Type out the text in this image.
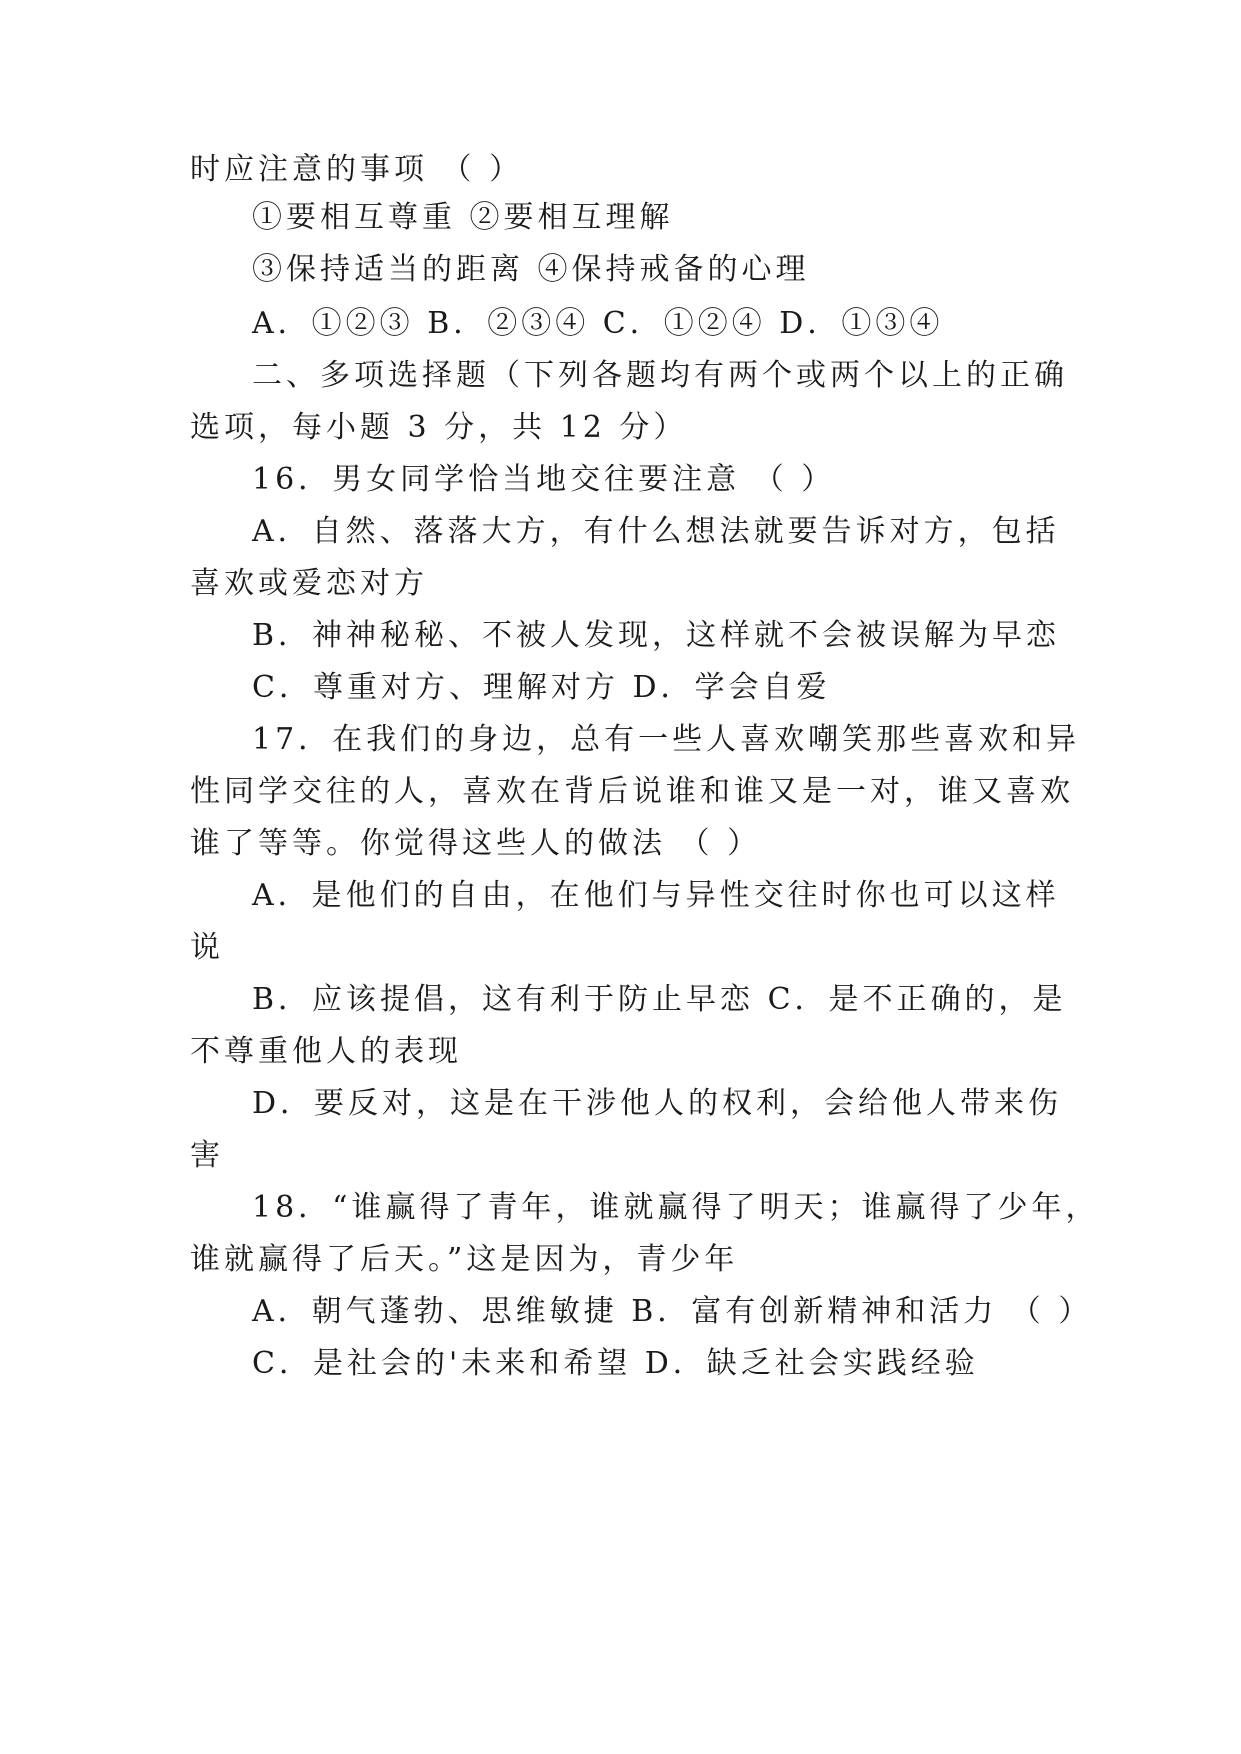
时应注意的事项 （ ）
①要相互尊重 ②要相互理解
③保持适当的距离 ④保持戒备的心理
A．①②③ B．②③④ C．①②④ D．①③④
二、多项选择题（下列各题均有两个或两个以上的正确
选项，每小题 3 分，共 12 分）
16．男女同学恰当地交往要注意 （ ）
A．自然、落落大方，有什么想法就要告诉对方，包括
喜欢或爱恋对方
B．神神秘秘、不被人发现，这样就不会被误解为早恋
C．尊重对方、理解对方 D．学会自爱
17．在我们的身边，总有一些人喜欢嘲笑那些喜欢和异
性同学交往的人，喜欢在背后说谁和谁又是一对，谁又喜欢
谁了等等。你觉得这些人的做法 （ ）
A．是他们的自由，在他们与异性交往时你也可以这样
说
B．应该提倡，这有利于防止早恋 C．是不正确的，是
不尊重他人的表现
D．要反对，这是在干涉他人的权利，会给他人带来伤
害
18．“谁赢得了青年，谁就赢得了明天；谁赢得了少年，
谁就赢得了后天。”这是因为，青少年
A．朝气蓬勃、思维敏捷 B．富有创新精神和活力 （ ）
C．是社会的'未来和希望 D．缺乏社会实践经验
